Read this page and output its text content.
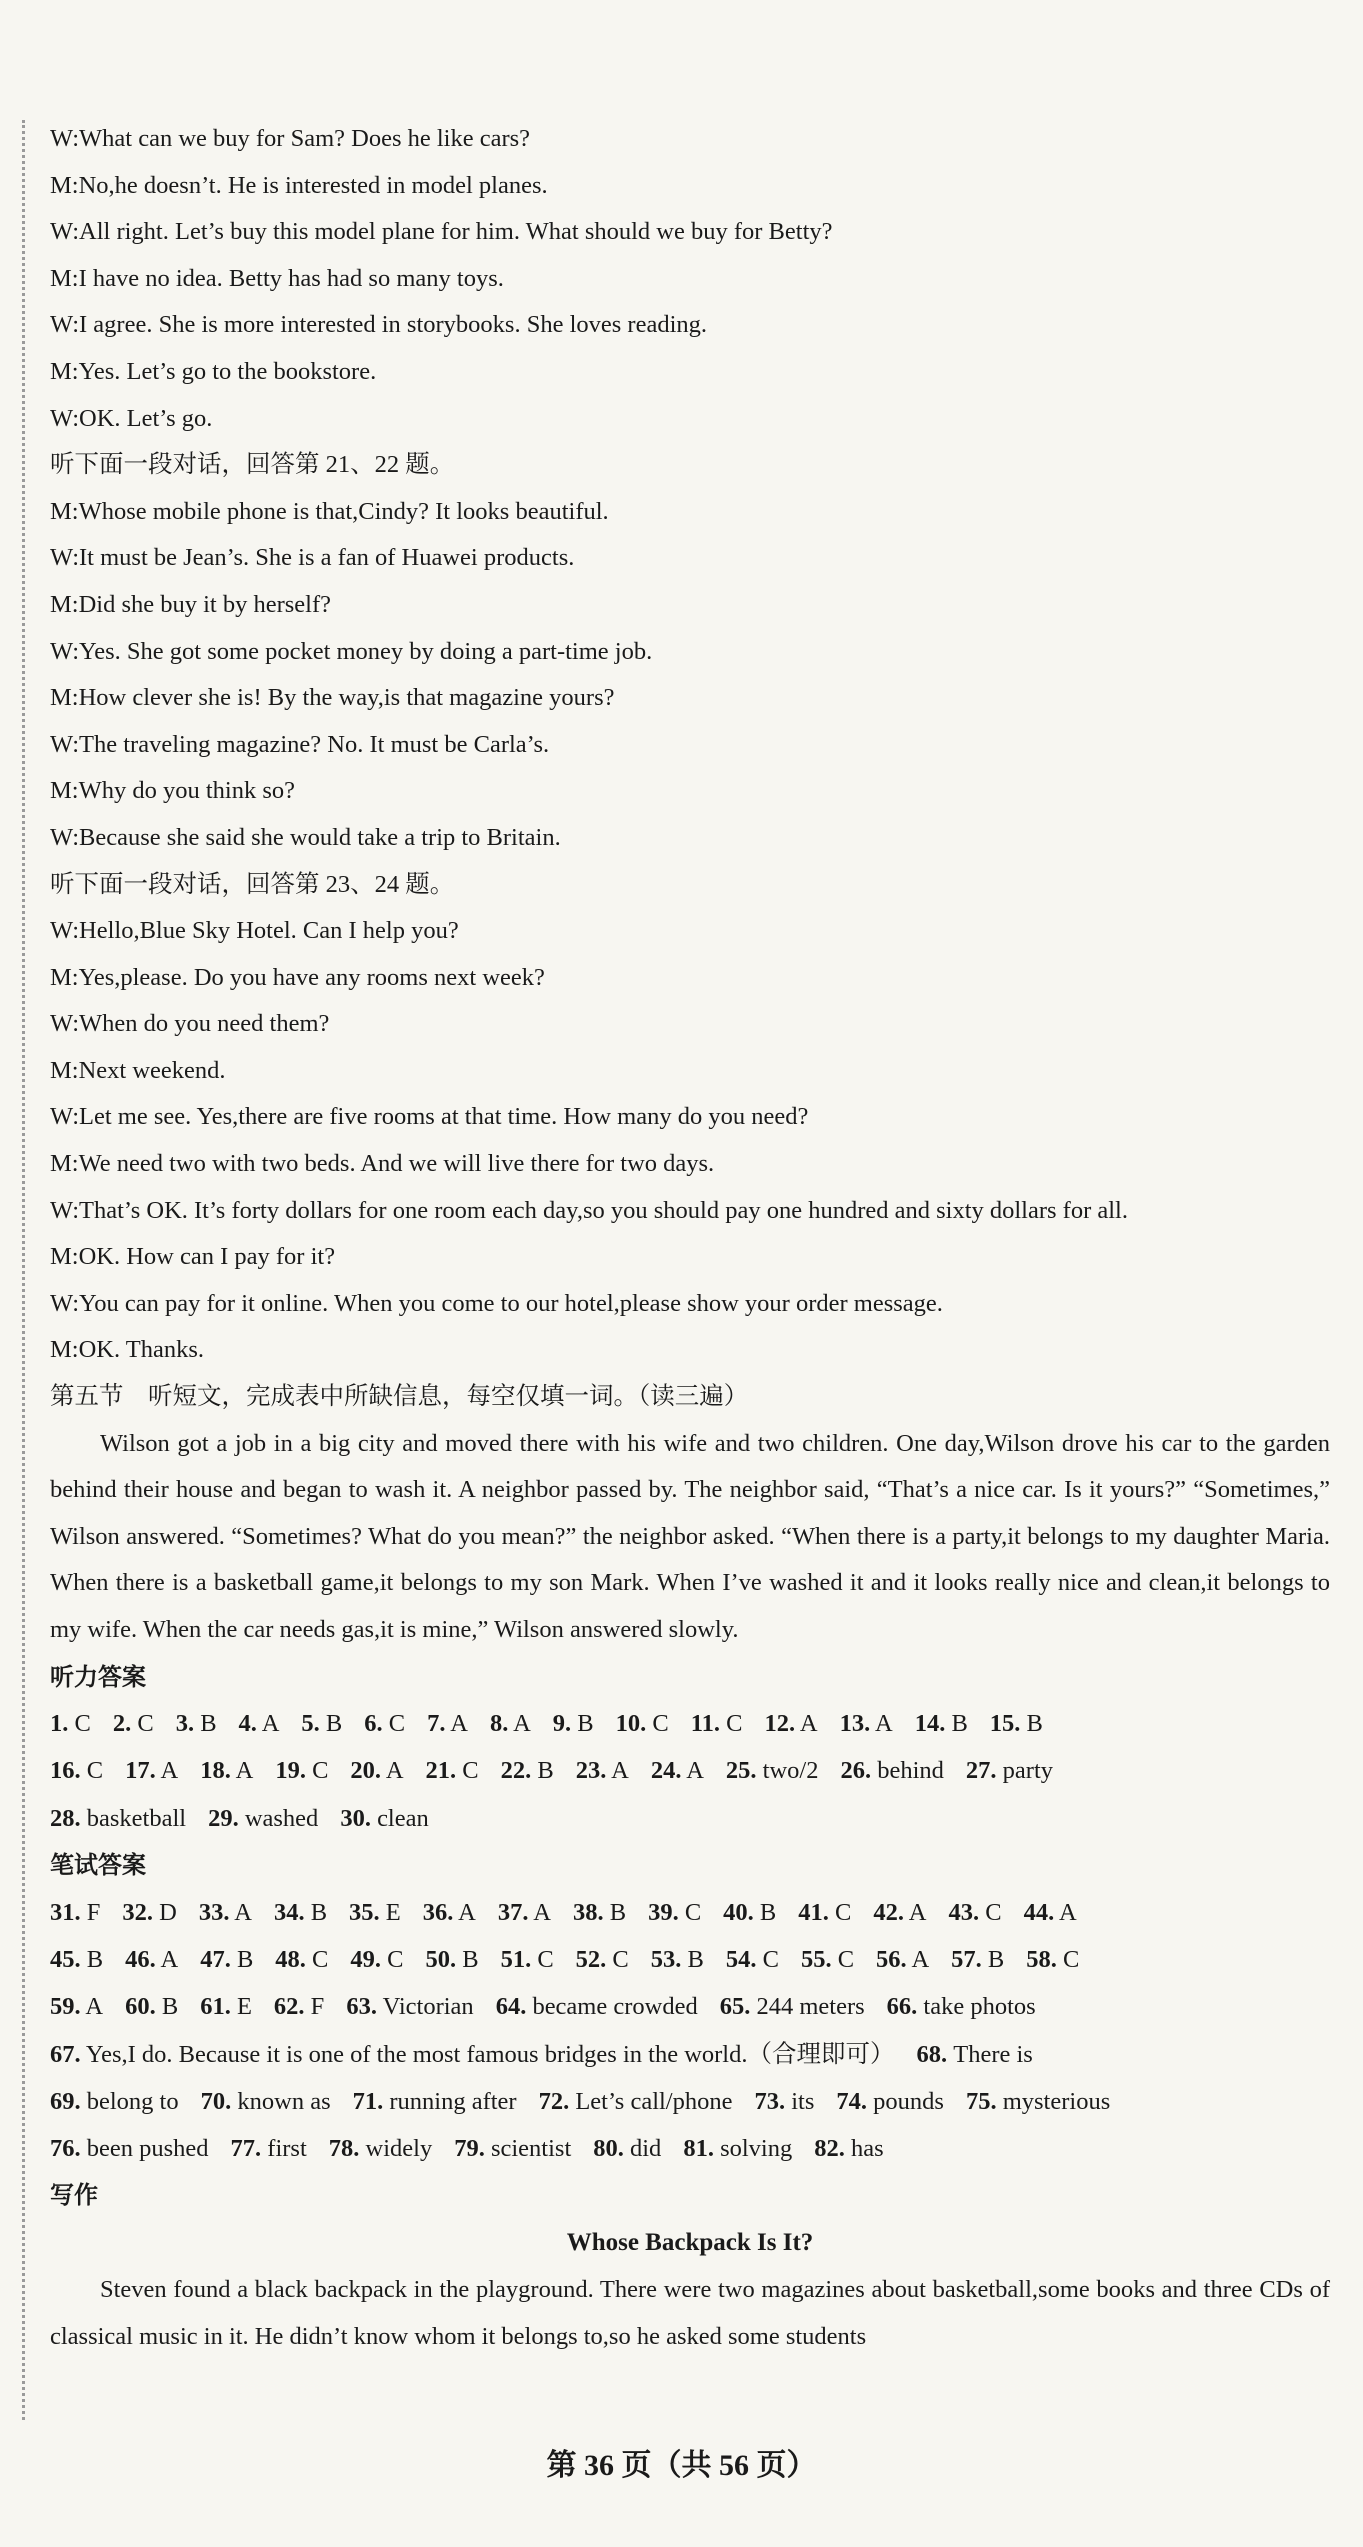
W:What can we buy for Sam? Does he like cars?
M:No,he doesn’t. He is interested in model planes.
W:All right. Let’s buy this model plane for him. What should we buy for Betty?
M:I have no idea. Betty has had so many toys.
W:I agree. She is more interested in storybooks. She loves reading.
M:Yes. Let’s go to the bookstore.
W:OK. Let’s go.
听下面一段对话，回答第 21、22 题。
M:Whose mobile phone is that,Cindy? It looks beautiful.
W:It must be Jean’s. She is a fan of Huawei products.
M:Did she buy it by herself?
W:Yes. She got some pocket money by doing a part-time job.
M:How clever she is! By the way,is that magazine yours?
W:The traveling magazine? No. It must be Carla’s.
M:Why do you think so?
W:Because she said she would take a trip to Britain.
听下面一段对话，回答第 23、24 题。
W:Hello,Blue Sky Hotel. Can I help you?
M:Yes,please. Do you have any rooms next week?
W:When do you need them?
M:Next weekend.
W:Let me see. Yes,there are five rooms at that time. How many do you need?
M:We need two with two beds. And we will live there for two days.
W:That’s OK. It’s forty dollars for one room each day,so you should pay one hundred and sixty dollars for all.
M:OK. How can I pay for it?
W:You can pay for it online. When you come to our hotel,please show your order message.
M:OK. Thanks.
第五节　听短文，完成表中所缺信息，每空仅填一词。（读三遍）
Wilson got a job in a big city and moved there with his wife and two children. One day,Wilson drove his car to the garden behind their house and began to wash it. A neighbor passed by. The neighbor said, “That’s a nice car. Is it yours?” “Sometimes,” Wilson answered. “Sometimes? What do you mean?” the neighbor asked. “When there is a party,it belongs to my daughter Maria. When there is a basketball game,it belongs to my son Mark. When I’ve washed it and it looks really nice and clean,it belongs to my wife. When the car needs gas,it is mine,” Wilson answered slowly.
听力答案
1. C 2. C 3. B 4. A 5. B 6. C 7. A 8. A 9. B 10. C 11. C 12. A 13. A 14. B 15. B
16. C 17. A 18. A 19. C 20. A 21. C 22. B 23. A 24. A 25. two/2 26. behind 27. party
28. basketball 29. washed 30. clean
笔试答案
31. F 32. D 33. A 34. B 35. E 36. A 37. A 38. B 39. C 40. B 41. C 42. A 43. C 44. A
45. B 46. A 47. B 48. C 49. C 50. B 51. C 52. C 53. B 54. C 55. C 56. A 57. B 58. C
59. A 60. B 61. E 62. F 63. Victorian 64. became crowded 65. 244 meters 66. take photos
67. Yes,I do. Because it is one of the most famous bridges in the world.（合理即可） 68. There is
69. belong to 70. known as 71. running after 72. Let’s call/phone 73. its 74. pounds 75. mysterious
76. been pushed 77. first 78. widely 79. scientist 80. did 81. solving 82. has
写作
Whose Backpack Is It?
Steven found a black backpack in the playground. There were two magazines about basketball,some books and three CDs of classical music in it. He didn’t know whom it belongs to,so he asked some students
第 36 页（共 56 页）
